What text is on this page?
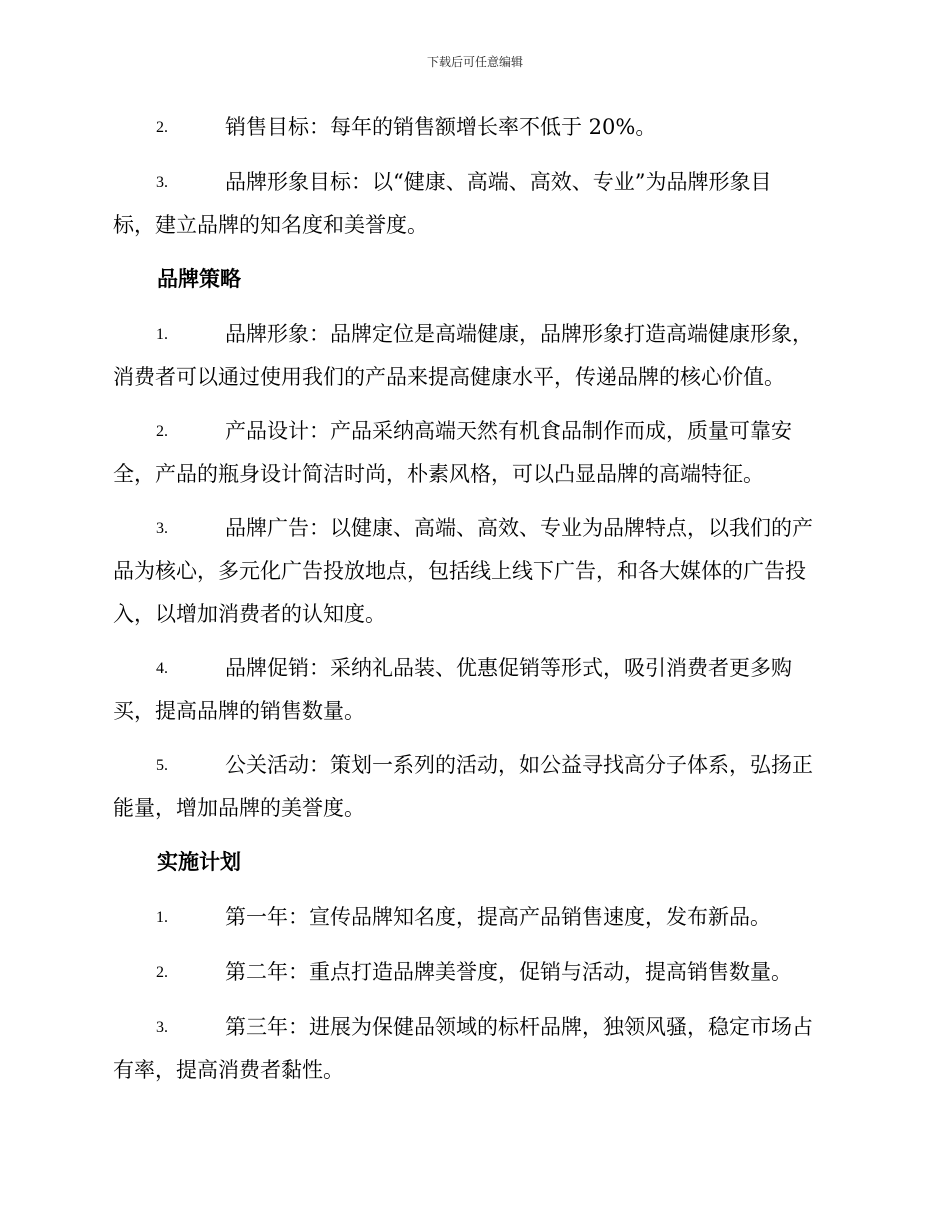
下载后可任意编辑
2.	销售目标：每年的销售额增长率不低于 20%。
3.	品牌形象目标：以“健康、高端、高效、专业”为品牌形象目
标，建立品牌的知名度和美誉度。
品牌策略
1.	品牌形象：品牌定位是高端健康，品牌形象打造高端健康形象，
消费者可以通过使用我们的产品来提高健康水平，传递品牌的核心价值。
2.	产品设计：产品采纳高端天然有机食品制作而成，质量可靠安
全，产品的瓶身设计简洁时尚，朴素风格，可以凸显品牌的高端特征。
3.	品牌广告：以健康、高端、高效、专业为品牌特点，以我们的产
品为核心，多元化广告投放地点，包括线上线下广告，和各大媒体的广告投
入，以增加消费者的认知度。
4.	品牌促销：采纳礼品装、优惠促销等形式，吸引消费者更多购
买，提高品牌的销售数量。
5.	公关活动：策划一系列的活动，如公益寻找高分子体系，弘扬正
能量，增加品牌的美誉度。
实施计划
1.	第一年：宣传品牌知名度，提高产品销售速度，发布新品。
2.	第二年：重点打造品牌美誉度，促销与活动，提高销售数量。
3.	第三年：进展为保健品领域的标杆品牌，独领风骚，稳定市场占
有率，提高消费者黏性。
